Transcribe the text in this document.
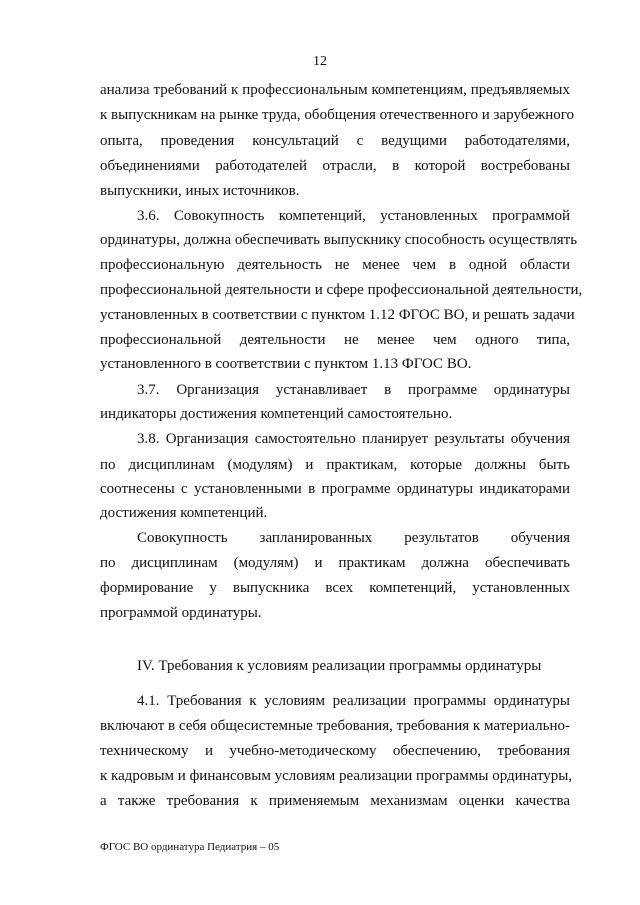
12
анализа требований к профессиональным компетенциям, предъявляемых
к выпускникам на рынке труда, обобщения отечественного и зарубежного
опыта, проведения консультаций с ведущими работодателями,
объединениями работодателей отрасли, в которой востребованы
выпускники, иных источников.
3.6. Совокупность компетенций, установленных программой
ординатуры, должна обеспечивать выпускнику способность осуществлять
профессиональную деятельность не менее чем в одной области
профессиональной деятельности и сфере профессиональной деятельности,
установленных в соответствии с пунктом 1.12 ФГОС ВО, и решать задачи
профессиональной деятельности не менее чем одного типа,
установленного в соответствии с пунктом 1.13 ФГОС ВО.
3.7. Организация устанавливает в программе ординатуры
индикаторы достижения компетенций самостоятельно.
3.8. Организация самостоятельно планирует результаты обучения
по дисциплинам (модулям) и практикам, которые должны быть
соотнесены с установленными в программе ординатуры индикаторами
достижения компетенций.
Совокупность запланированных результатов обучения
по дисциплинам (модулям) и практикам должна обеспечивать
формирование у выпускника всех компетенций, установленных
программой ординатуры.
IV. Требования к условиям реализации программы ординатуры
4.1. Требования к условиям реализации программы ординатуры
включают в себя общесистемные требования, требования к материально-
техническому и учебно-методическому обеспечению, требования
к кадровым и финансовым условиям реализации программы ординатуры,
а также требования к применяемым механизмам оценки качества
ФГОС ВО ординатура Педиатрия – 05
